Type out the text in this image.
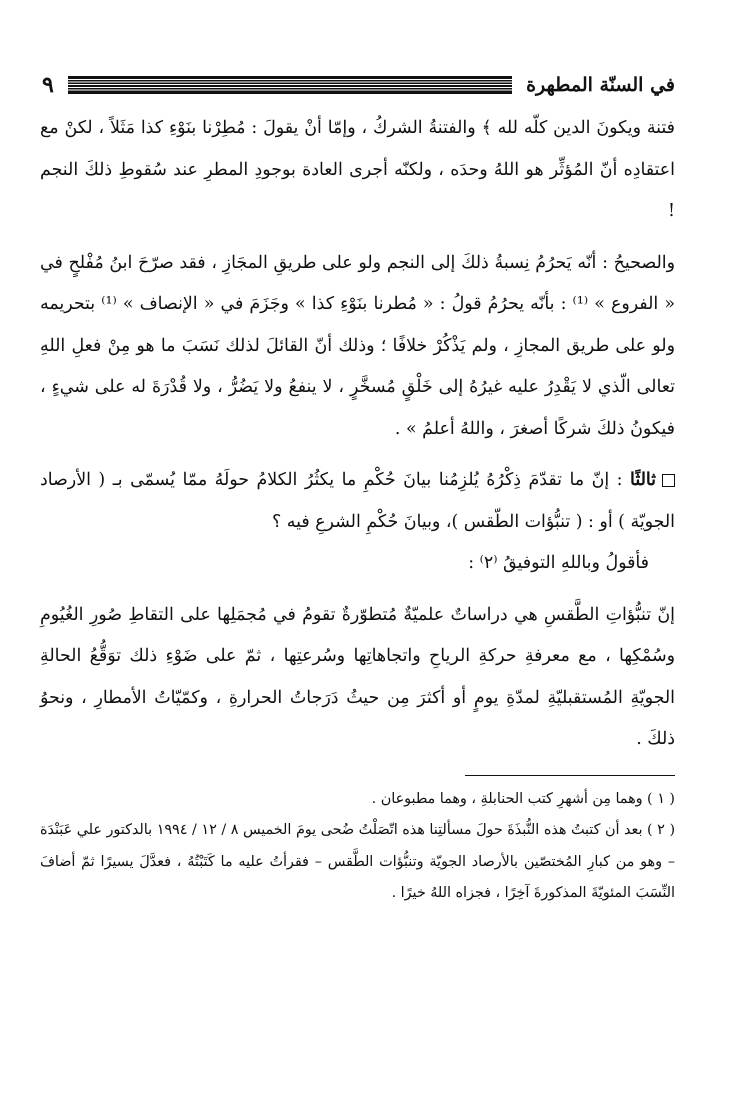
في السنّة المطهرة
٩

فتنة ويكونَ الدين كلّه لله ﴾ والفتنةُ الشركُ ، وإمّا أنْ يقولَ : مُطِرْنا بنَوْءِ كذا مَثَلاً ، لكنْ مع اعتقادِه أنّ المُؤثِّر هو اللهُ وحدَه ، ولكنّه أجرى العادة بوجودِ المطرِ عند سُقوطِ ذلكَ النجم !

والصحيحُ : أنّه يَحرُمُ نِسبةُ ذلكَ إلى النجم ولو على طريقِ المجَازِ ، فقد صرّحَ ابنُ مُفْلحٍ في « الفروع » ⁽¹⁾ : بأنّه يحرُمُ قولُ : « مُطرنا بنَوْءِ كذا » وجَزَمَ في « الإنصاف » ⁽¹⁾ بتحريمه ولو على طريق المجازِ ، ولم يَذْكُرْ خلافًا ؛ وذلك أنّ القائلَ لذلك نَسَبَ ما هو مِنْ فعلِ اللهِ تعالى الّذي لا يَقْدِرُ عليه غيرُهُ إلى خَلْقٍ مُسخَّرٍ ، لا ينفعُ ولا يَضُرُّ ، ولا قُدْرَةَ له على شيءٍ ، فيكونُ ذلكَ شركًا أصغرَ ، واللهُ أعلمُ » .

ثالثًا : إنّ ما تقدّمَ ذِكْرُهُ يُلزِمُنا بيانَ حُكْمِ ما يكثُرُ الكلامُ حولَهُ ممّا يُسمّى بـ ( الأرصاد الجويّة ) أو : ( تنبُّؤات الطّقس )، وبيانَ حُكْمِ الشرعِ فيه ؟

فأقولُ وباللهِ التوفيقُ ⁽٢⁾ :

إنّ تنبُّؤاتِ الطَّقسِ هي دراساتٌ علميّةٌ مُتطوّرةٌ تقومُ في مُجمَلِها على التقاطِ صُورِ الغُيُومِ وسُمْكِها ، مع معرفةِ حركةِ الرياحِ واتجاهاتِها وسُرعتِها ، ثمّ على ضَوْءِ ذلك توَقُّعُ الحالةِ الجويّةِ المُستقبليّةِ لمدّةِ يومٍ أو أكثرَ مِن حيثُ دَرَجاتُ الحرارةِ ، وكمّيّاتُ الأمطارِ ، ونحوُ ذلكَ .

( ١ ) وهما مِن أشهرِ كتب الحنابلةِ ، وهما مطبوعان .

( ٢ ) بعد أن كتبتُ هذه النُّبذَةَ حولَ مسألتِنا هذه اتّصَلْتُ ضُحى يومَ الخميس ٨ / ١٢ / ١٩٩٤ بالدكتور علي عَبَنْدَة – وهو من كبارِ المُختصّين بالأرصاد الجويّة وتنبُّؤات الطَّقس – فقرأتُ عليه ما كَتَبْتُهُ ، فعدَّلَ يسيرًا ثمّ أضافَ النِّسَبَ المئويّةَ المذكورةَ آخِرًا ، فجزاه اللهُ خيرًا .
